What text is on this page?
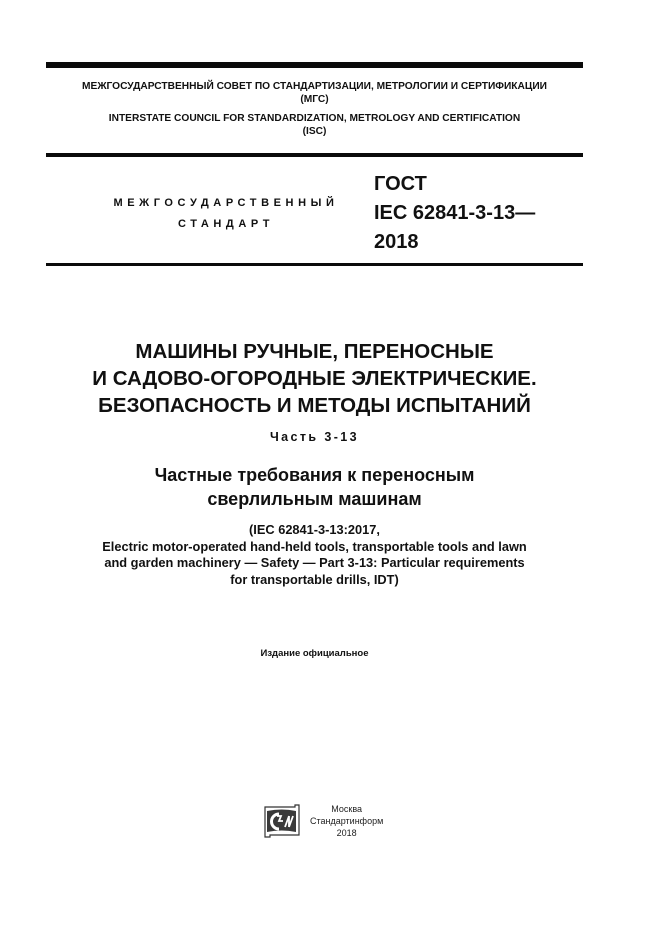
МЕЖГОСУДАРСТВЕННЫЙ СОВЕТ ПО СТАНДАРТИЗАЦИИ, МЕТРОЛОГИИ И СЕРТИФИКАЦИИ
(МГС)
INTERSTATE COUNCIL FOR STANDARDIZATION, METROLOGY AND CERTIFICATION
(ISC)
МЕЖГОСУДАРСТВЕННЫЙ
СТАНДАРТ
ГОСТ
IEC 62841-3-13—
2018
МАШИНЫ РУЧНЫЕ, ПЕРЕНОСНЫЕ
И САДОВО-ОГОРОДНЫЕ ЭЛЕКТРИЧЕСКИЕ.
БЕЗОПАСНОСТЬ И МЕТОДЫ ИСПЫТАНИЙ
Часть 3-13
Частные требования к переносным
сверлильным машинам
(IEC 62841-3-13:2017,
Electric motor-operated hand-held tools, transportable tools and lawn
and garden machinery — Safety — Part 3-13: Particular requirements
for transportable drills, IDT)
Издание официальное
Москва
Стандартинформ
2018
